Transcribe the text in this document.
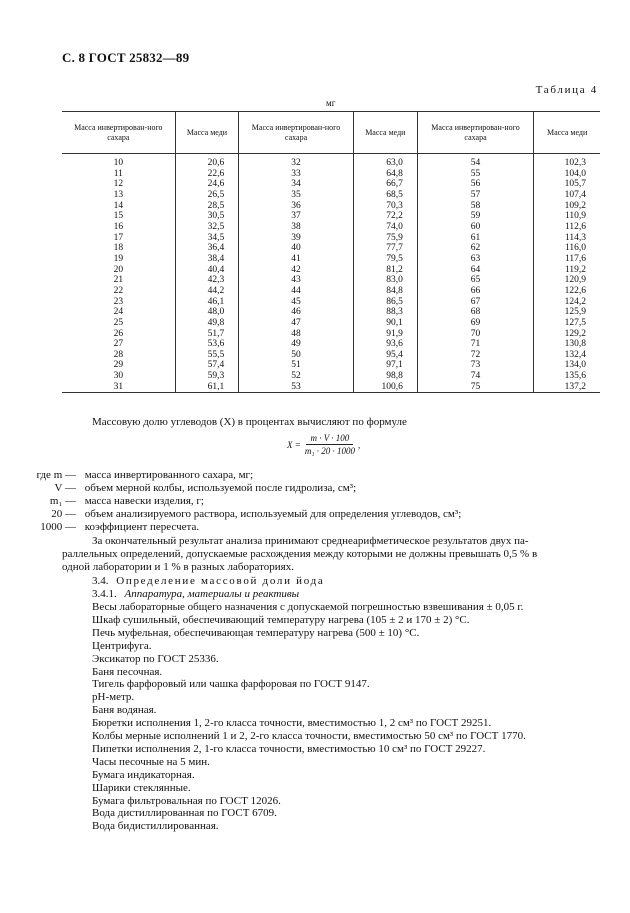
С. 8 ГОСТ 25832—89
Таблица 4
мг
Масса инвертирован-ного сахара	Масса меди	Масса инвертирован-ного сахара	Масса меди	Масса инвертирован-ного сахара	Масса меди
10	20,6	32	63,0	54	102,3
11	22,6	33	64,8	55	104,0
12	24,6	34	66,7	56	105,7
13	26,5	35	68,5	57	107,4
14	28,5	36	70,3	58	109,2
15	30,5	37	72,2	59	110,9
16	32,5	38	74,0	60	112,6
17	34,5	39	75,9	61	114,3
18	36,4	40	77,7	62	116,0
19	38,4	41	79,5	63	117,6
20	40,4	42	81,2	64	119,2
21	42,3	43	83,0	65	120,9
22	44,2	44	84,8	66	122,6
23	46,1	45	86,5	67	124,2
24	48,0	46	88,3	68	125,9
25	49,8	47	90,1	69	127,5
26	51,7	48	91,9	70	129,2
27	53,6	49	93,6	71	130,8
28	55,5	50	95,4	72	132,4
29	57,4	51	97,1	73	134,0
30	59,3	52	98,8	74	135,6
31	61,1	53	100,6	75	137,2
Массовую долю углеводов (X) в процентах вычисляют по формуле
$X = \frac{m \cdot V \cdot 100}{\text{m₁ · 20 · 1000}}$ ,
где m — масса инвертированного сахара, мг;
V — объем мерной колбы, используемой после гидролиза, см³;
m₁ — масса навески изделия, г;
20 — объем анализируемого раствора, используемый для определения углеводов, см³;
1000 — коэффициент пересчета.
За окончательный результат анализа принимают среднеарифметическое результатов двух па-
раллельных определений, допускаемые расхождения между которыми не должны превышать 0,5 % в
одной лаборатории и 1 % в разных лабораториях.
3.4. Определение массовой доли йода
3.4.1. Аппаратура, материалы и реактивы
Весы лабораторные общего назначения с допускаемой погрешностью взвешивания ± 0,05 г.
Шкаф сушильный, обеспечивающий температуру нагрева (105 ± 2 и 170 ± 2) °С.
Печь муфельная, обеспечивающая температуру нагрева (500 ± 10) °С.
Центрифуга.
Эксикатор по ГОСТ 25336.
Баня песочная.
Тигель фарфоровый или чашка фарфоровая по ГОСТ 9147.
рН-метр.
Баня водяная.
Бюретки исполнения 1, 2-го класса точности, вместимостью 1, 2 см³ по ГОСТ 29251.
Колбы мерные исполнений 1 и 2, 2-го класса точности, вместимостью 50 см³ по ГОСТ 1770.
Пипетки исполнения 2, 1-го класса точности, вместимостью 10 см³ по ГОСТ 29227.
Часы песочные на 5 мин.
Бумага индикаторная.
Шарики стеклянные.
Бумага фильтровальная по ГОСТ 12026.
Вода дистиллированная по ГОСТ 6709.
Вода бидистиллированная.
